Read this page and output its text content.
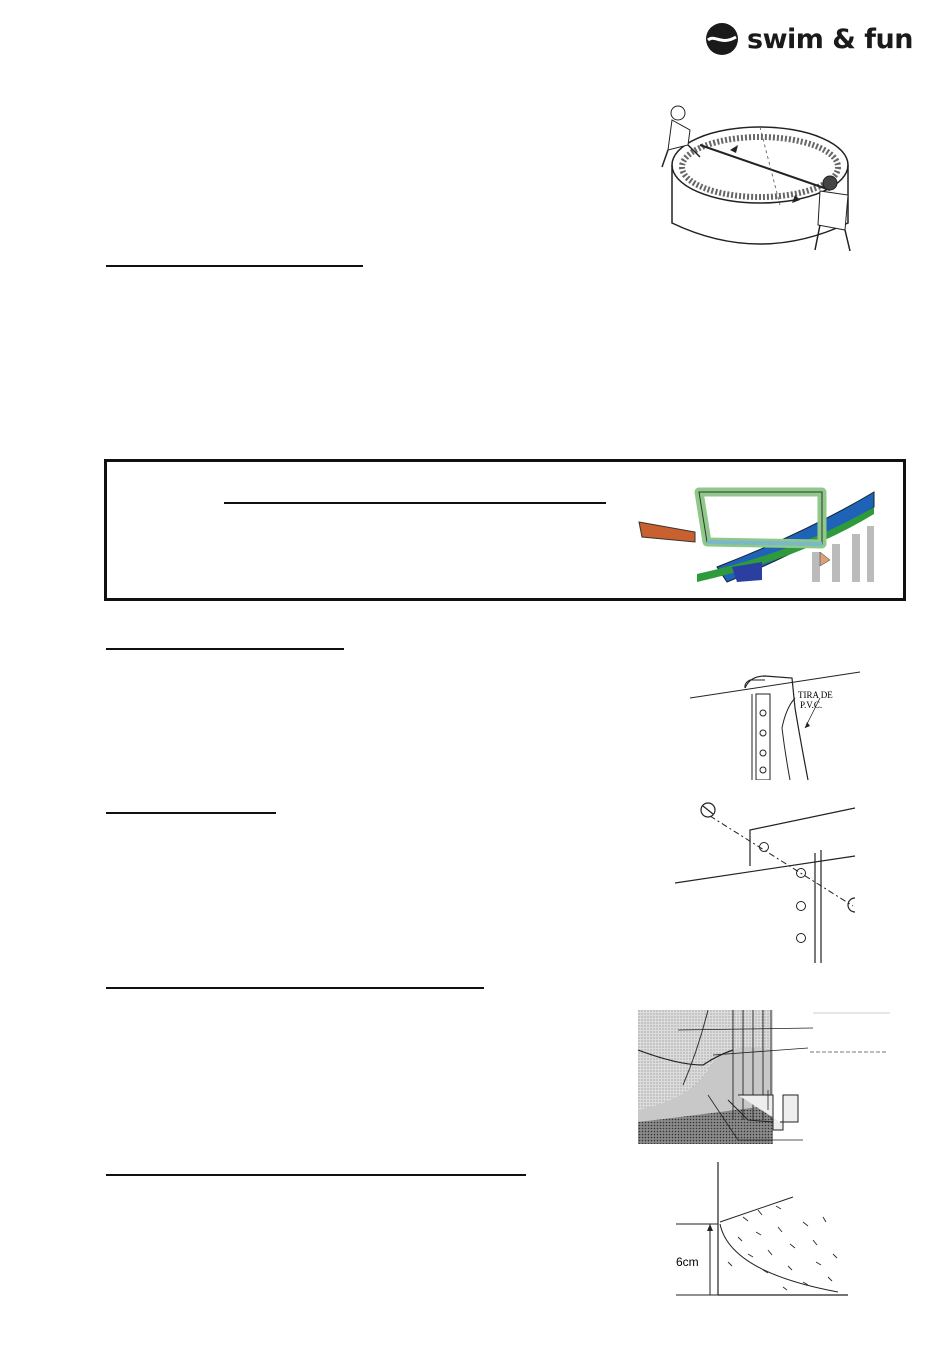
swim & fun
TIRA DE
P.V.C.
6cm
